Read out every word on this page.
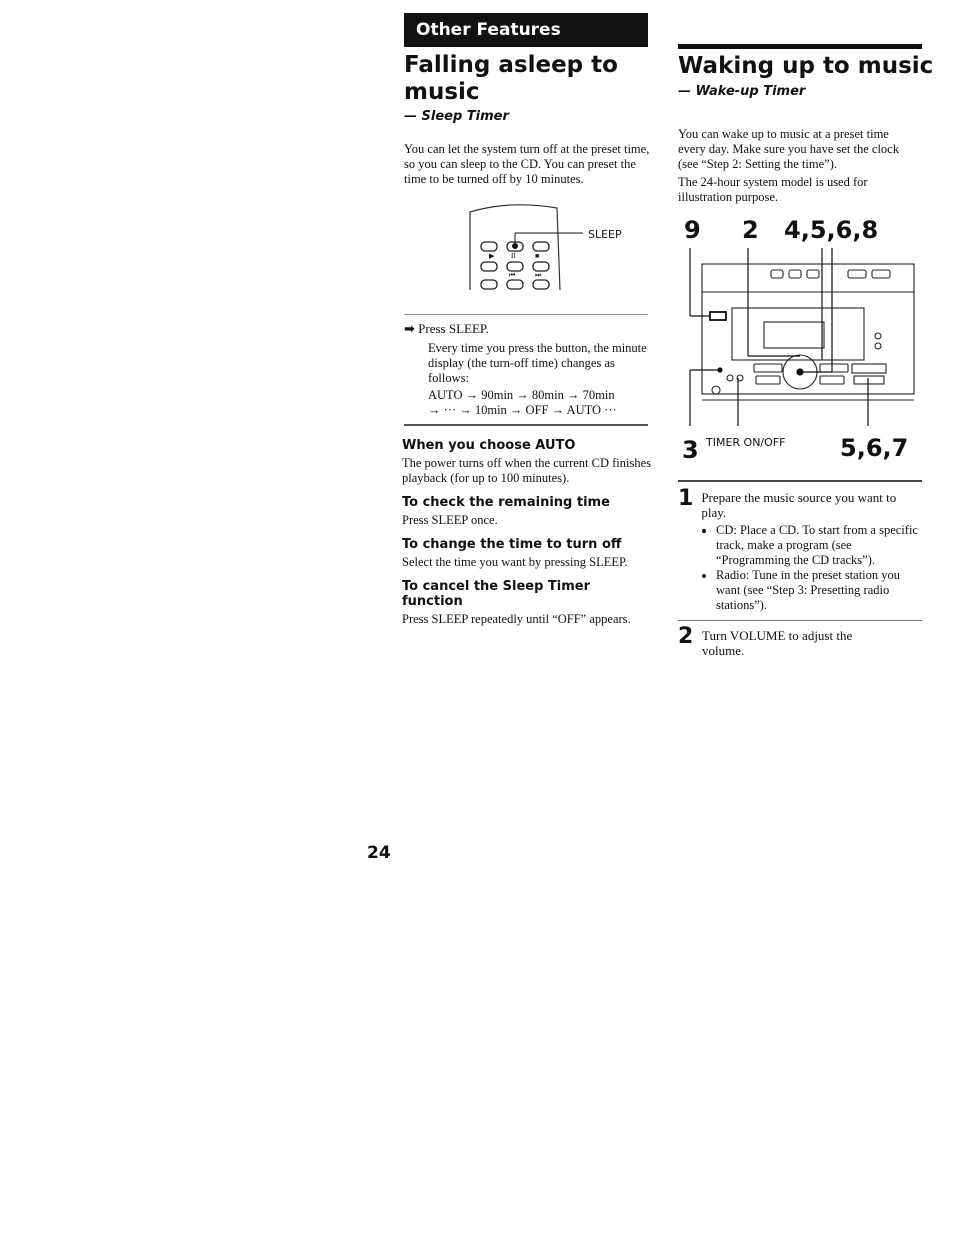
Other Features
Falling asleep to
music
— Sleep Timer
You can let the system turn off at the preset time, so you can sleep to the CD. You can preset the time to be turned off by 10 minutes.
▶ II	■
⏮	⏭
SLEEP
➡ Press SLEEP.
Every time you press the button, the minute display (the turn-off time) changes as follows:
AUTO → 90min → 80min → 70min
→ ··· → 10min → OFF → AUTO ···
When you choose AUTO
The power turns off when the current CD finishes playback (for up to 100 minutes).
To check the remaining time
Press SLEEP once.
To change the time to turn off
Select the time you want by pressing SLEEP.
To cancel the Sleep Timer function
Press SLEEP repeatedly until “OFF” appears.
Waking up to music
— Wake-up Timer
You can wake up to music at a preset time every day. Make sure you have set the clock (see “Step 2: Setting the time”).
The 24-hour system model is used for illustration purpose.
9 2 4,5,6,8
3 TIMER ON/OFF 5,6,7
1 Prepare the music source you want to play.
• CD: Place a CD. To start from a specific track, make a program (see “Programming the CD tracks”).
• Radio: Tune in the preset station you want (see “Step 3: Presetting radio stations”).
2 Turn VOLUME to adjust the volume.
24
